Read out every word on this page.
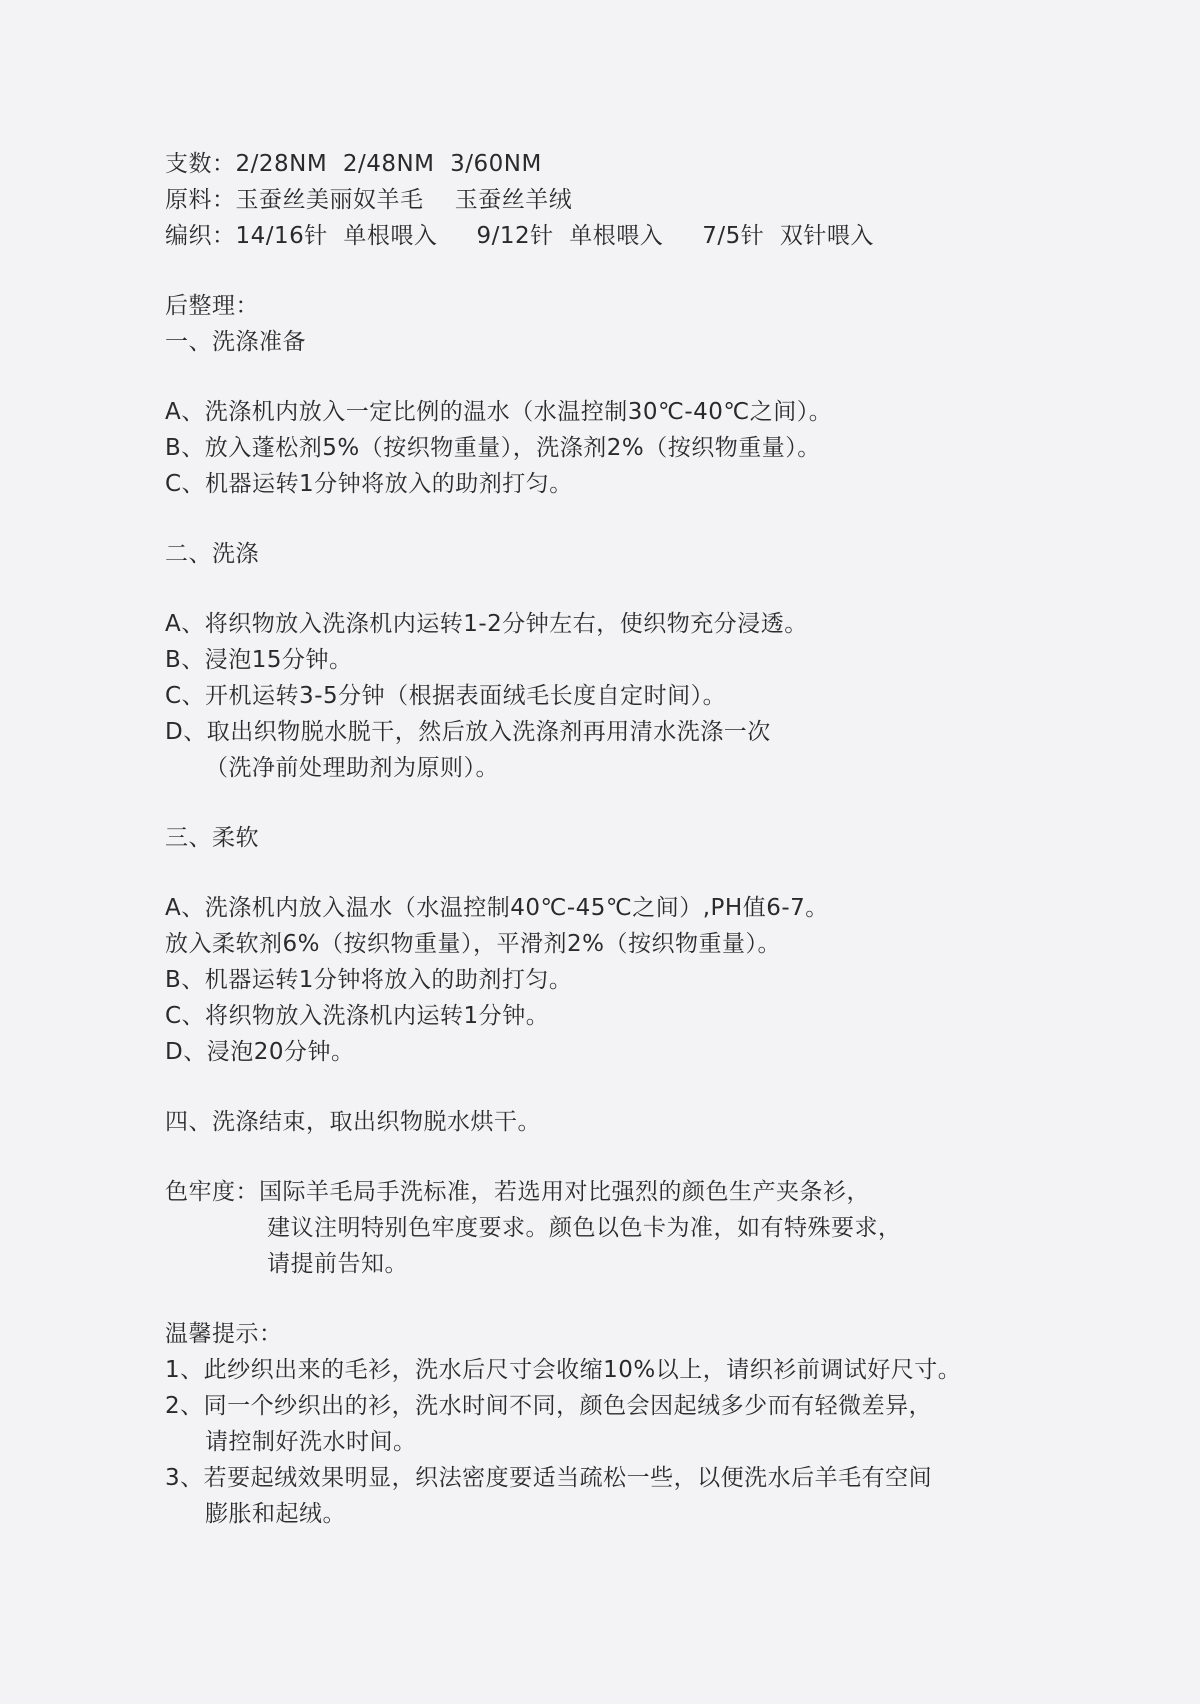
支数：2/28NM  2/48NM  3/60NM
原料：玉蚕丝美丽奴羊毛    玉蚕丝羊绒
编织：14/16针  单根喂入     9/12针  单根喂入     7/5针  双针喂入
后整理：
一、洗涤准备
A、洗涤机内放入一定比例的温水（水温控制30℃-40℃之间）。
B、放入蓬松剂5%（按织物重量），洗涤剂2%（按织物重量）。
C、机器运转1分钟将放入的助剂打匀。
二、洗涤
A、将织物放入洗涤机内运转1-2分钟左右，使织物充分浸透。
B、浸泡15分钟。
C、开机运转3-5分钟（根据表面绒毛长度自定时间）。
D、取出织物脱水脱干，然后放入洗涤剂再用清水洗涤一次
（洗净前处理助剂为原则）。
三、柔软
A、洗涤机内放入温水（水温控制40℃-45℃之间）,PH值6-7。
放入柔软剂6%（按织物重量），平滑剂2%（按织物重量）。
B、机器运转1分钟将放入的助剂打匀。
C、将织物放入洗涤机内运转1分钟。
D、浸泡20分钟。
四、洗涤结束，取出织物脱水烘干。
色牢度：国际羊毛局手洗标准，若选用对比强烈的颜色生产夹条衫，
建议注明特别色牢度要求。颜色以色卡为准，如有特殊要求，
请提前告知。
温馨提示：
1、此纱织出来的毛衫，洗水后尺寸会收缩10%以上，请织衫前调试好尺寸。
2、同一个纱织出的衫，洗水时间不同，颜色会因起绒多少而有轻微差异，
请控制好洗水时间。
3、若要起绒效果明显，织法密度要适当疏松一些，以便洗水后羊毛有空间
膨胀和起绒。
